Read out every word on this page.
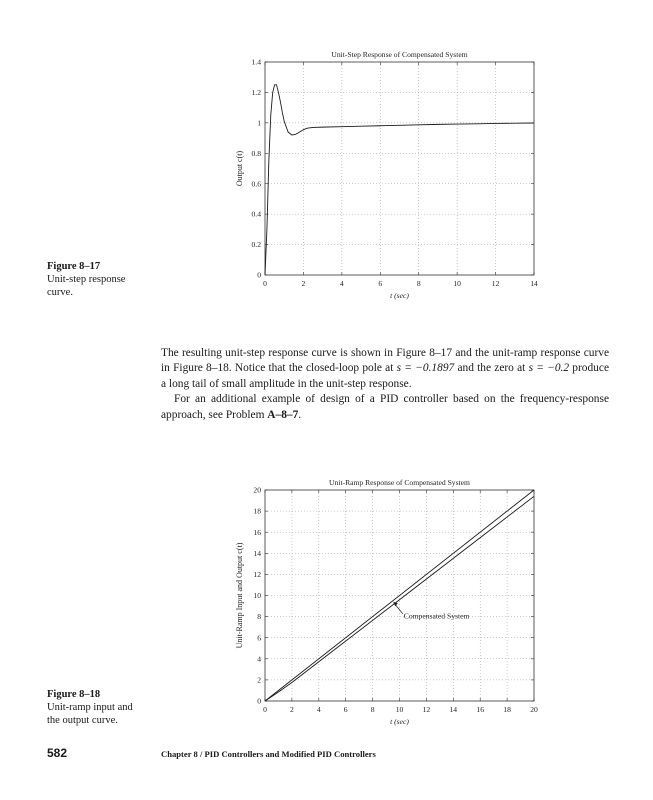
Unit-Step Response of Compensated System
0	2	4	6	8	10	12	14
0
0.2
0.4
0.6
0.8
1
1.2
1.4
t (sec)
Output c(t)
Figure 8–17
Unit-step response
curve.

The resulting unit-step response curve is shown in Figure 8–17 and the unit-ramp response curve in Figure 8–18. Notice that the closed-loop pole at s = −0.1897 and the zero at s = −0.2 produce a long tail of small amplitude in the unit-step response.

For an additional example of design of a PID controller based on the frequency-response approach, see Problem A–8–7.

Unit-Ramp Response of Compensated System
0	2	4	6	8	10	12	14	16	18	20
0
2
4
6
8
10
12
14
16
18
20
t (sec)
Unit-Ramp Input and Output c(t)	Compensated System
Figure 8–18
Unit-ramp input and
the output curve.
582	Chapter 8 / PID Controllers and Modified PID Controllers
